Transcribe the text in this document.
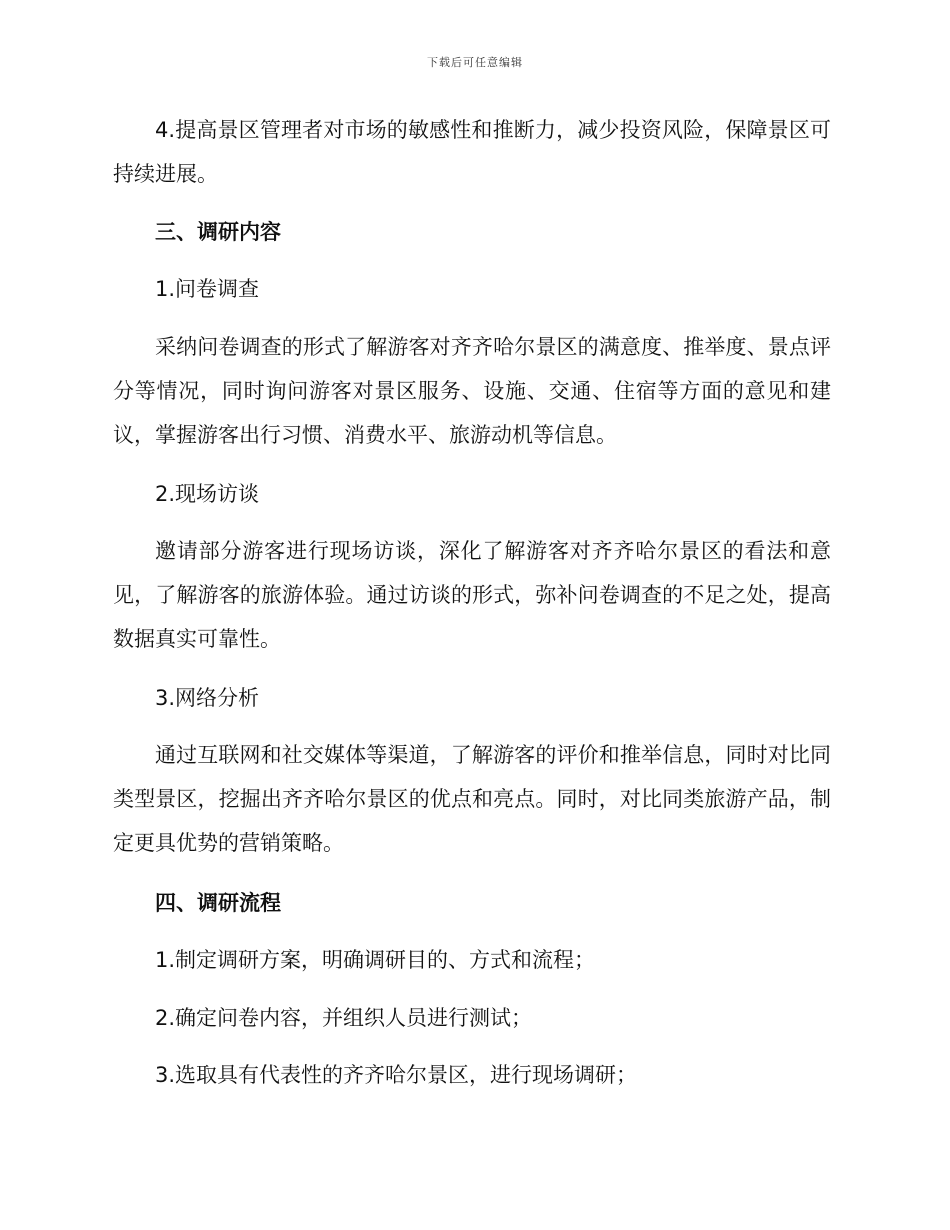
下载后可任意编辑

4.提高景区管理者对市场的敏感性和推断力，减少投资风险，保障景区可持续进展。

三、调研内容

1.问卷调查

采纳问卷调查的形式了解游客对齐齐哈尔景区的满意度、推举度、景点评分等情况，同时询问游客对景区服务、设施、交通、住宿等方面的意见和建议，掌握游客出行习惯、消费水平、旅游动机等信息。

2.现场访谈

邀请部分游客进行现场访谈，深化了解游客对齐齐哈尔景区的看法和意见，了解游客的旅游体验。通过访谈的形式，弥补问卷调查的不足之处，提高数据真实可靠性。

3.网络分析

通过互联网和社交媒体等渠道，了解游客的评价和推举信息，同时对比同类型景区，挖掘出齐齐哈尔景区的优点和亮点。同时，对比同类旅游产品，制定更具优势的营销策略。

四、调研流程

1.制定调研方案，明确调研目的、方式和流程；

2.确定问卷内容，并组织人员进行测试；

3.选取具有代表性的齐齐哈尔景区，进行现场调研；
